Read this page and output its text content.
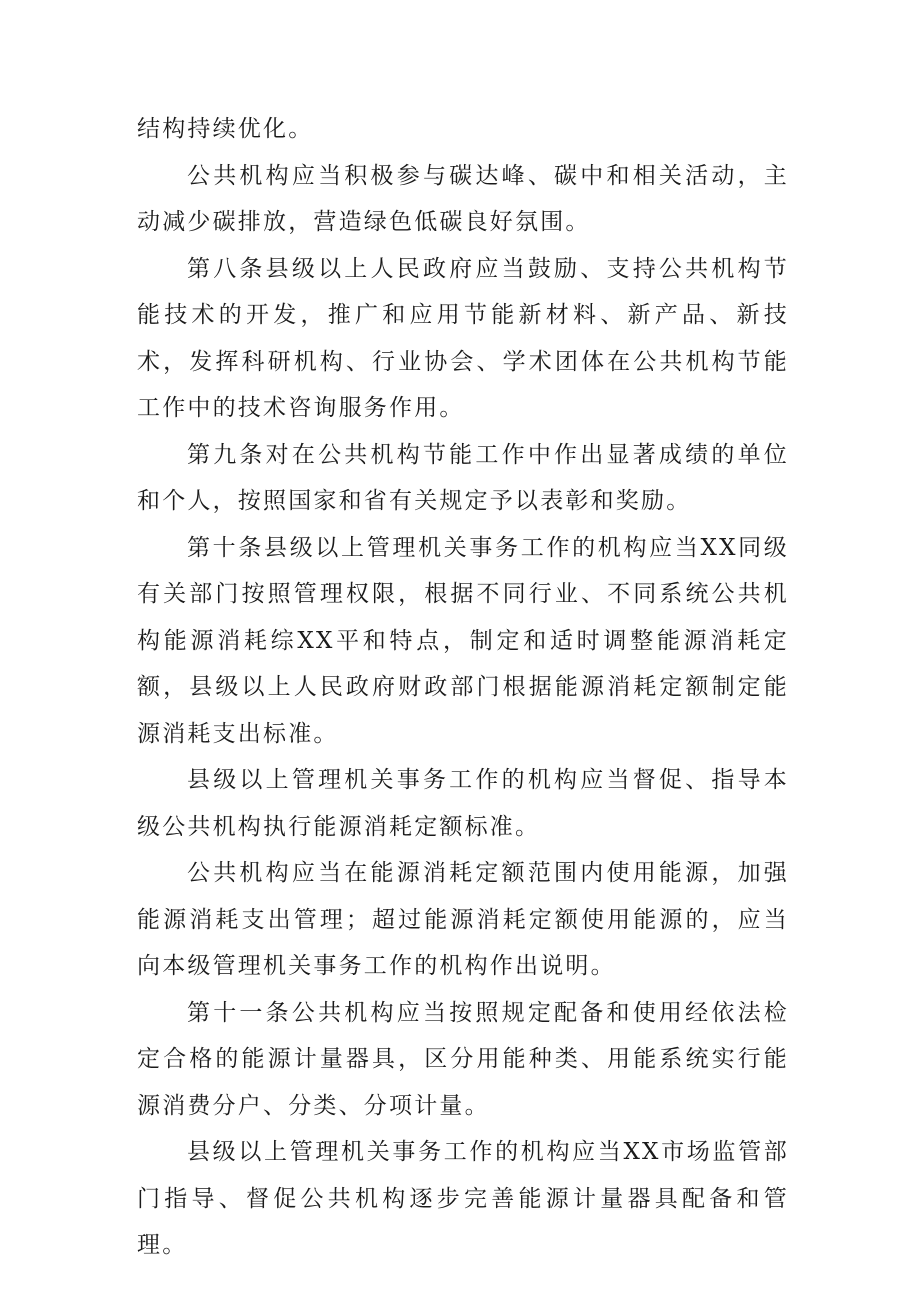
结构持续优化。

公共机构应当积极参与碳达峰、碳中和相关活动，主动减少碳排放，营造绿色低碳良好氛围。

第八条县级以上人民政府应当鼓励、支持公共机构节能技术的开发，推广和应用节能新材料、新产品、新技术，发挥科研机构、行业协会、学术团体在公共机构节能工作中的技术咨询服务作用。

第九条对在公共机构节能工作中作出显著成绩的单位和个人，按照国家和省有关规定予以表彰和奖励。

第十条县级以上管理机关事务工作的机构应当XX同级有关部门按照管理权限，根据不同行业、不同系统公共机构能源消耗综XX平和特点，制定和适时调整能源消耗定额，县级以上人民政府财政部门根据能源消耗定额制定能源消耗支出标准。

县级以上管理机关事务工作的机构应当督促、指导本级公共机构执行能源消耗定额标准。

公共机构应当在能源消耗定额范围内使用能源，加强能源消耗支出管理；超过能源消耗定额使用能源的，应当向本级管理机关事务工作的机构作出说明。

第十一条公共机构应当按照规定配备和使用经依法检定合格的能源计量器具，区分用能种类、用能系统实行能源消费分户、分类、分项计量。

县级以上管理机关事务工作的机构应当XX市场监管部门指导、督促公共机构逐步完善能源计量器具配备和管理。
